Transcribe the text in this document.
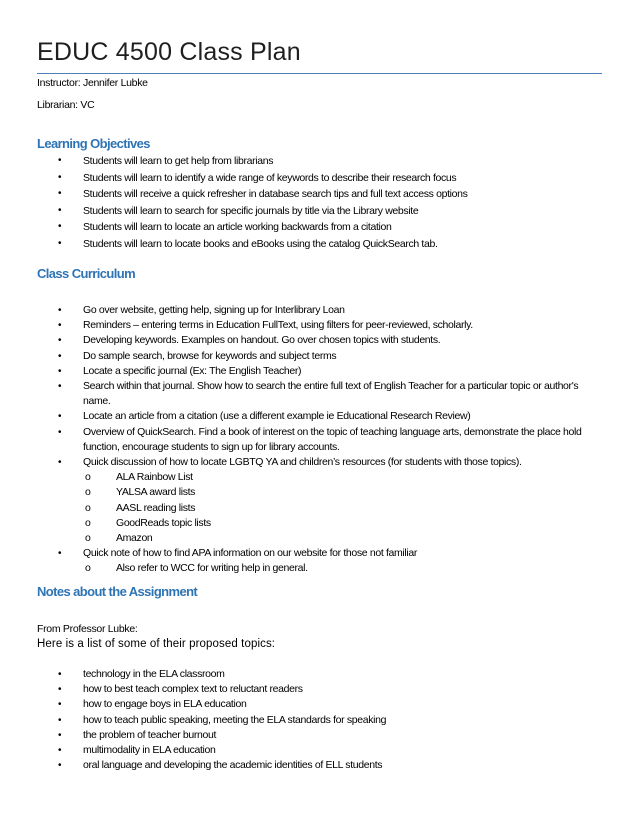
EDUC 4500 Class Plan
Instructor: Jennifer Lubke
Librarian: VC
Learning Objectives
• Students will learn to get help from librarians
• Students will learn to identify a wide range of keywords to describe their research focus
• Students will receive a quick refresher in database search tips and full text access options
• Students will learn to search for specific journals by title via the Library website
• Students will learn to locate an article working backwards from a citation
• Students will learn to locate books and eBooks using the catalog QuickSearch tab.
Class Curriculum
• Go over website, getting help, signing up for Interlibrary Loan
• Reminders – entering terms in Education FullText, using filters for peer-reviewed, scholarly.
• Developing keywords. Examples on handout. Go over chosen topics with students.
• Do sample search, browse for keywords and subject terms
• Locate a specific journal (Ex: The English Teacher)
• Search within that journal. Show how to search the entire full text of English Teacher for a particular topic or author's name.
• Locate an article from a citation (use a different example ie Educational Research Review)
• Overview of QuickSearch. Find a book of interest on the topic of teaching language arts, demonstrate the place hold function, encourage students to sign up for library accounts.
• Quick discussion of how to locate LGBTQ YA and children’s resources (for students with those topics).
o ALA Rainbow List
o YALSA award lists
o AASL reading lists
o GoodReads topic lists
o Amazon
• Quick note of how to find APA information on our website for those not familiar
o Also refer to WCC for writing help in general.
Notes about the Assignment
From Professor Lubke:
Here is a list of some of their proposed topics:
• technology in the ELA classroom
• how to best teach complex text to reluctant readers
• how to engage boys in ELA education
• how to teach public speaking, meeting the ELA standards for speaking
• the problem of teacher burnout
• multimodality in ELA education
• oral language and developing the academic identities of ELL students
